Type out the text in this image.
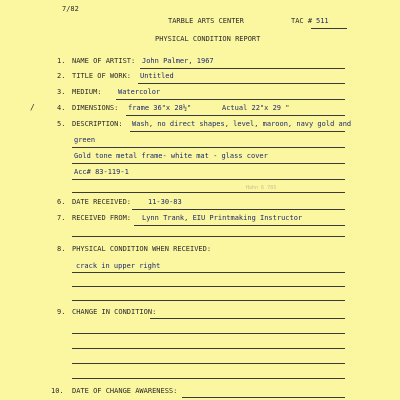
7/82
TARBLE ARTS CENTER	TAC # 511
PHYSICAL CONDITION REPORT
1. NAME OF ARTIST: John Palmer, 1967
2. TITLE OF WORK: Untitled
3. MEDIUM: Watercolor
/	4. DIMENSIONS: frame 36"x 28½"	Actual 22"x 29 "
5. DESCRIPTION: Wash, no direct shapes, level, maroon, navy gold and
green
Gold tone metal frame- white mat - glass cover
Acc# 83-119-1
Hahn 6 783
6. DATE RECEIVED: 11-30-83
7. RECEIVED FROM: Lynn Trank, EIU Printmaking Instructor
8. PHYSICAL CONDITION WHEN RECEIVED:
crack in upper right
9. CHANGE IN CONDITION:
10. DATE OF CHANGE AWARENESS:
